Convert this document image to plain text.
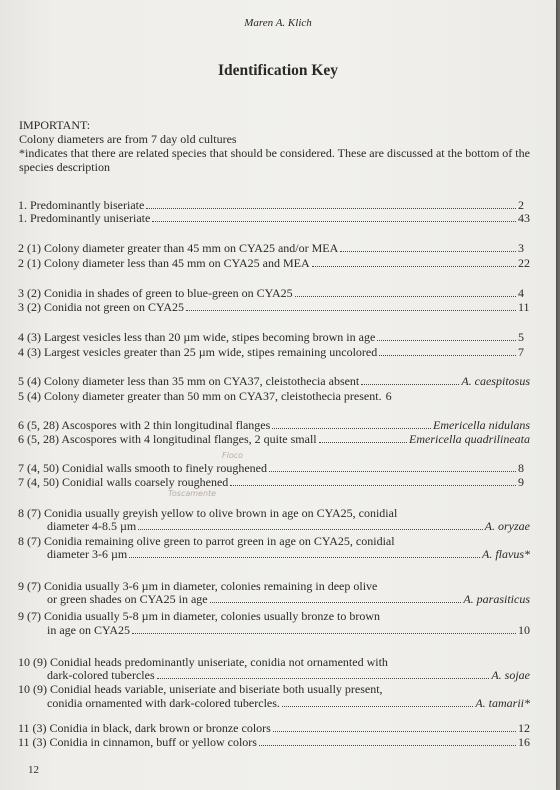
Maren A. Klich
Identification Key
IMPORTANT:
Colony diameters are from 7 day old cultures
*indicates that there are related species that should be considered. These are discussed at the bottom of the species description
1. Predominantly biseriate	2
1. Predominantly uniseriate	43
2 (1) Colony diameter greater than 45 mm on CYA25 and/or MEA	3
2 (1) Colony diameter less than 45 mm on CYA25 and MEA	22
3 (2) Conidia in shades of green to blue-green on CYA25	4
3 (2) Conidia not green on CYA25	11
4 (3) Largest vesicles less than 20 µm wide, stipes becoming brown in age	5
4 (3) Largest vesicles greater than 25 µm wide, stipes remaining uncolored	7
5 (4) Colony diameter less than 35 mm on CYA37, cleistothecia absent	A. caespitosus
5 (4) Colony diameter greater than 50 mm on CYA37, cleistothecia present. 6
6 (5, 28) Ascospores with 2 thin longitudinal flanges	Emericella nidulans
6 (5, 28) Ascospores with 4 longitudinal flanges, 2 quite small	Emericella quadrilineata
7 (4, 50) Conidial walls smooth to finely roughened	8
7 (4, 50) Conidial walls coarsely roughened	9
8 (7) Conidia usually greyish yellow to olive brown in age on CYA25, conidial
diameter 4-8.5 µm	A. oryzae
8 (7) Conidia remaining olive green to parrot green in age on CYA25, conidial
diameter 3-6 µm	A. flavus*
9 (7) Conidia usually 3-6 µm in diameter, colonies remaining in deep olive
or green shades on CYA25 in age	A. parasiticus
9 (7) Conidia usually 5-8 µm in diameter, colonies usually bronze to brown
in age on CYA25	10
10 (9) Conidial heads predominantly uniseriate, conidia not ornamented with
dark-colored tubercles	A. sojae
10 (9) Conidial heads variable, uniseriate and biseriate both usually present,
conidia ornamented with dark-colored tubercles.	A. tamarii*
11 (3) Conidia in black, dark brown or bronze colors	12
11 (3) Conidia in cinnamon, buff or yellow colors	16
Floco
Toscamente
12
